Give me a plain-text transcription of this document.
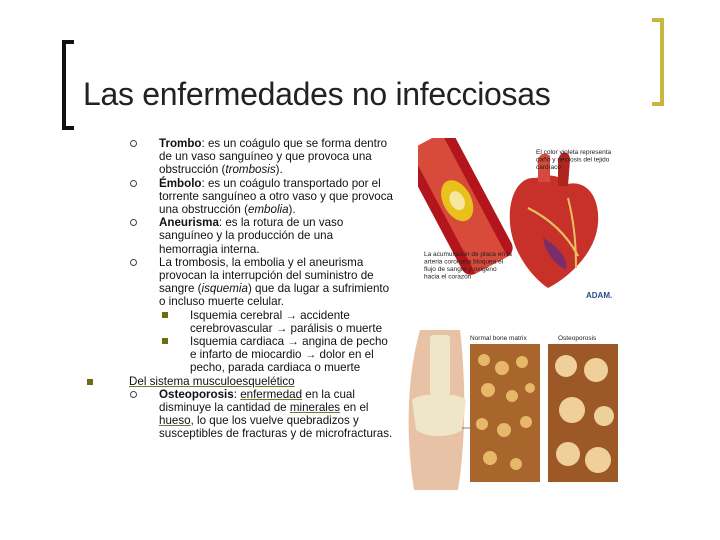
Las enfermedades no infecciosas
Trombo: es un coágulo que se forma dentro de un vaso sanguíneo y que provoca una obstrucción (trombosis).
Émbolo: es un coágulo transportado por el torrente sanguíneo a otro vaso y que provoca una obstrucción (embolia).
Aneurisma: es la rotura de un vaso sanguíneo y la producción de una hemorragia interna.
La trombosis, la embolia y el aneurisma provocan la interrupción del suministro de sangre (isquemia) que da lugar a sufrimiento o incluso muerte celular.
Isquemia cerebral → accidente cerebrovascular → parálisis o muerte
Isquemia cardiaca → angina de pecho e infarto de miocardio → dolor en el pecho, parada cardiaca o muerte
Del sistema musculoesquelético
Osteoporosis: enfermedad en la cual disminuye la cantidad de minerales en el hueso, lo que los vuelve quebradizos y susceptibles de fracturas y de microfracturas.
El color violeta representa daño y necrosis del tejido cardíaco
La acumulación de placa en la arteria coronaria bloquea el flujo de sangre y oxígeno hacia el corazón
ADAM.
Normal bone matrix	Osteoporosis
